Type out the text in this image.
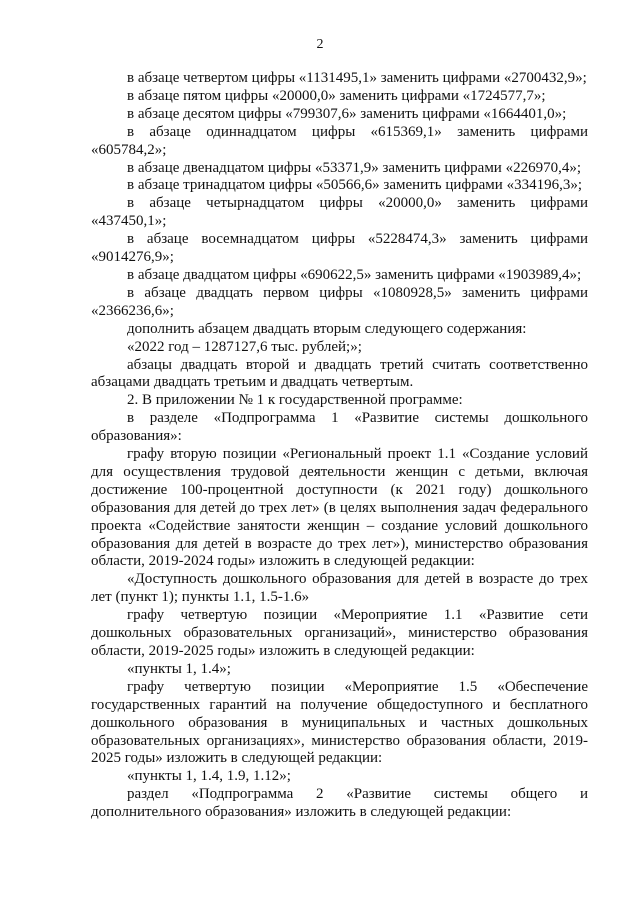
2

в абзаце четвертом цифры «1131495,1» заменить цифрами «2700432,9»;

в абзаце пятом цифры «20000,0» заменить цифрами «1724577,7»;

в абзаце десятом цифры «799307,6» заменить цифрами «1664401,0»;

в абзаце одиннадцатом цифры «615369,1» заменить цифрами «605784,2»;

в абзаце двенадцатом цифры «53371,9» заменить цифрами «226970,4»;

в абзаце тринадцатом цифры «50566,6» заменить цифрами «334196,3»;

в абзаце четырнадцатом цифры «20000,0» заменить цифрами «437450,1»;

в абзаце восемнадцатом цифры «5228474,3» заменить цифрами «9014276,9»;

в абзаце двадцатом цифры «690622,5» заменить цифрами «1903989,4»;

в абзаце двадцать первом цифры «1080928,5» заменить цифрами «2366236,6»;

дополнить абзацем двадцать вторым следующего содержания:

«2022 год – 1287127,6 тыс. рублей;»;

абзацы двадцать второй и двадцать третий считать соответственно абзацами двадцать третьим и двадцать четвертым.

2. В приложении № 1 к государственной программе:

в разделе «Подпрограмма 1 «Развитие системы дошкольного образования»:

графу вторую позиции «Региональный проект 1.1 «Создание условий для осуществления трудовой деятельности женщин с детьми, включая достижение 100-процентной доступности (к 2021 году) дошкольного образования для детей до трех лет» (в целях выполнения задач федерального проекта «Содействие занятости женщин – создание условий дошкольного образования для детей в возрасте до трех лет»), министерство образования области, 2019-2024 годы» изложить в следующей редакции:

«Доступность дошкольного образования для детей в возрасте до трех лет (пункт 1); пункты 1.1, 1.5-1.6»

графу четвертую позиции «Мероприятие 1.1 «Развитие сети дошкольных образовательных организаций», министерство образования области, 2019-2025 годы» изложить в следующей редакции:

«пункты 1, 1.4»;

графу четвертую позиции «Мероприятие 1.5 «Обеспечение государственных гарантий на получение общедоступного и бесплатного дошкольного образования в муниципальных и частных дошкольных образовательных организациях», министерство образования области, 2019-2025 годы» изложить в следующей редакции:

«пункты 1, 1.4, 1.9, 1.12»;

раздел «Подпрограмма 2 «Развитие системы общего и дополнительного образования» изложить в следующей редакции:
